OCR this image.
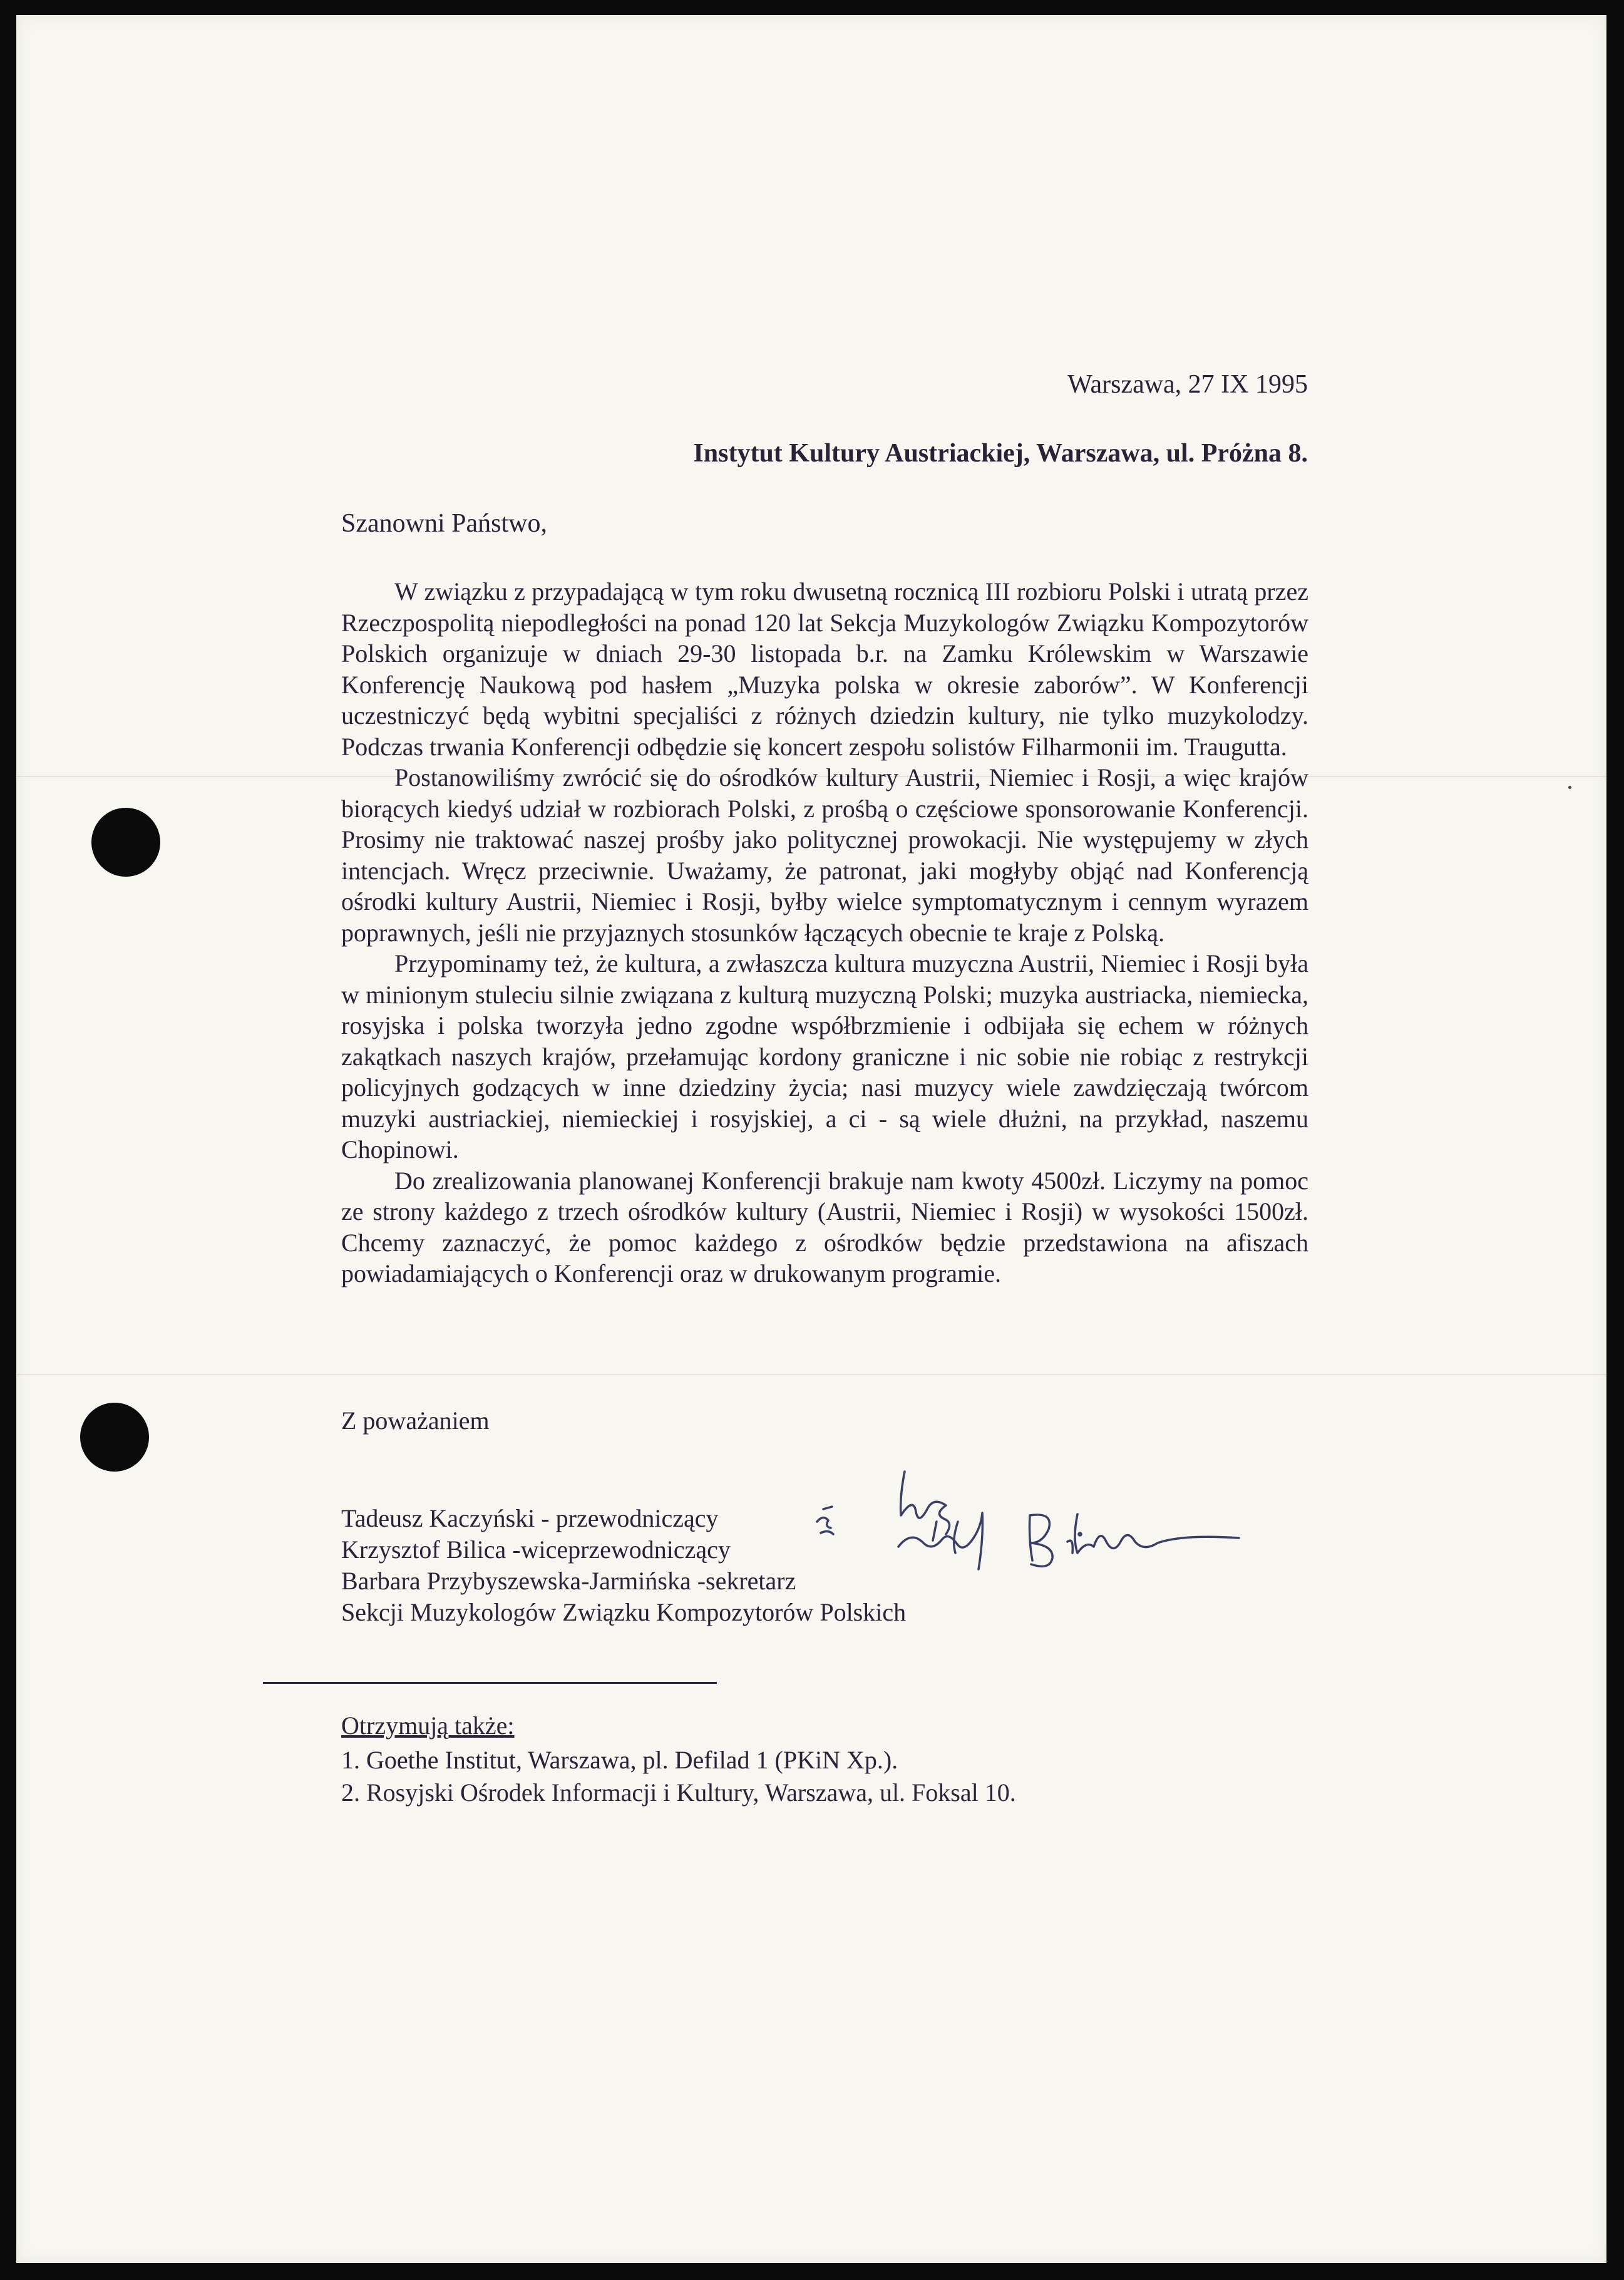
Warszawa, 27 IX 1995
Instytut Kultury Austriackiej, Warszawa, ul. Próżna 8.
Szanowni Państwo,

W związku z przypadającą w tym roku dwusetną rocznicą III rozbioru Polski i utratą przez Rzeczpospolitą niepodległości na ponad 120 lat Sekcja Muzykologów Związku Kompozytorów Polskich organizuje w dniach 29-30 listopada b.r. na Zamku Królewskim w Warszawie Konferencję Naukową pod hasłem „Muzyka polska w okresie zaborów”. W Konferencji uczestniczyć będą wybitni specjaliści z różnych dziedzin kultury, nie tylko muzykolodzy. Podczas trwania Konferencji odbędzie się koncert zespołu solistów Filharmonii im. Traugutta.

Postanowiliśmy zwrócić się do ośrodków kultury Austrii, Niemiec i Rosji, a więc krajów biorących kiedyś udział w rozbiorach Polski, z prośbą o częściowe sponsorowanie Konferencji. Prosimy nie traktować naszej prośby jako politycznej prowokacji. Nie występujemy w złych intencjach. Wręcz przeciwnie. Uważamy, że patronat, jaki mogłyby objąć nad Konferencją ośrodki kultury Austrii, Niemiec i Rosji, byłby wielce symptomatycznym i cennym wyrazem poprawnych, jeśli nie przyjaznych stosunków łączących obecnie te kraje z Polską.

Przypominamy też, że kultura, a zwłaszcza kultura muzyczna Austrii, Niemiec i Rosji była w minionym stuleciu silnie związana z kulturą muzyczną Polski; muzyka austriacka, niemiecka, rosyjska i polska tworzyła jedno zgodne współbrzmienie i odbijała się echem w różnych zakątkach naszych krajów, przełamując kordony graniczne i nic sobie nie robiąc z restrykcji policyjnych godzących w inne dziedziny życia; nasi muzycy wiele zawdzięczają twórcom muzyki austriackiej, niemieckiej i rosyjskiej, a ci - są wiele dłużni, na przykład, naszemu Chopinowi.

Do zrealizowania planowanej Konferencji brakuje nam kwoty 4500zł. Liczymy na pomoc ze strony każdego z trzech ośrodków kultury (Austrii, Niemiec i Rosji) w wysokości 1500zł. Chcemy zaznaczyć, że pomoc każdego z ośrodków będzie przedstawiona na afiszach powiadamiających o Konferencji oraz w drukowanym programie.

Z poważaniem
Tadeusz Kaczyński - przewodniczący
Krzysztof Bilica -wiceprzewodniczący
Barbara Przybyszewska-Jarmińska -sekretarz
Sekcji Muzykologów Związku Kompozytorów Polskich
Otrzymują także:
1. Goethe Institut, Warszawa, pl. Defilad 1 (PKiN Xp.).
2. Rosyjski Ośrodek Informacji i Kultury, Warszawa, ul. Foksal 10.
